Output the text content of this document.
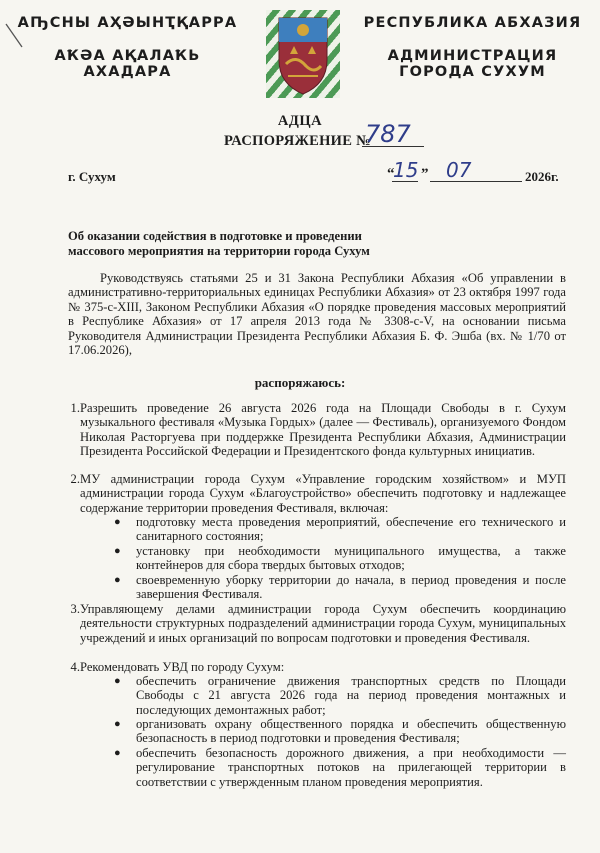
АҦСНЫ АҲӘЫНҬҚАРРА
АҞӘА АҚАЛАҞЬ
АХАДАРА
РЕСПУБЛИКА АБХАЗИЯ
АДМИНИСТРАЦИЯ
ГОРОДА СУХУМ
АДЦА
РАСПОРЯЖЕНИЕ №
787
г. Сухум	“
15 ” 07	2026г.
Об оказании содействия в подготовке и проведении
массового мероприятия на территории города Сухум
Руководствуясь статьями 25 и 31 Закона Республики Абхазия «Об управлении в административно-территориальных единицах Республики Абхазия» от 23 октября 1997 года № 375-с-XIII, Законом Республики Абхазия «О порядке проведения массовых мероприятий в Республике Абхазия» от 17 апреля 2013 года № 3308-с-V, на основании письма Руководителя Администрации Президента Республики Абхазия Б. Ф. Эшба (вх. № 1/70 от 17.06.2026),
распоряжаюсь:
1. Разрешить проведение 26 августа 2026 года на Площади Свободы в г. Сухум музыкального фестиваля «Музыка Гордых» (далее — Фестиваль), организуемого Фондом Николая Расторгуева при поддержке Президента Республики Абхазия, Администрации Президента Российской Федерации и Президентского фонда культурных инициатив.
2. МУ администрации города Сухум «Управление городским хозяйством» и МУП администрации города Сухум «Благоустройство» обеспечить подготовку и надлежащее содержание территории проведения Фестиваля, включая:
● подготовку места проведения мероприятий, обеспечение его технического и санитарного состояния;
● установку при необходимости муниципального имущества, а также контейнеров для сбора твердых бытовых отходов;
● своевременную уборку территории до начала, в период проведения и после завершения Фестиваля.
3. Управляющему делами администрации города Сухум обеспечить координацию деятельности структурных подразделений администрации города Сухум, муниципальных учреждений и иных организаций по вопросам подготовки и проведения Фестиваля.
4. Рекомендовать УВД по городу Сухум:
● обеспечить ограничение движения транспортных средств по Площади Свободы с 21 августа 2026 года на период проведения монтажных и последующих демонтажных работ;
● организовать охрану общественного порядка и обеспечить общественную безопасность в период подготовки и проведения Фестиваля;
● обеспечить безопасность дорожного движения, а при необходимости — регулирование транспортных потоков на прилегающей территории в соответствии с утвержденным планом проведения мероприятия.
